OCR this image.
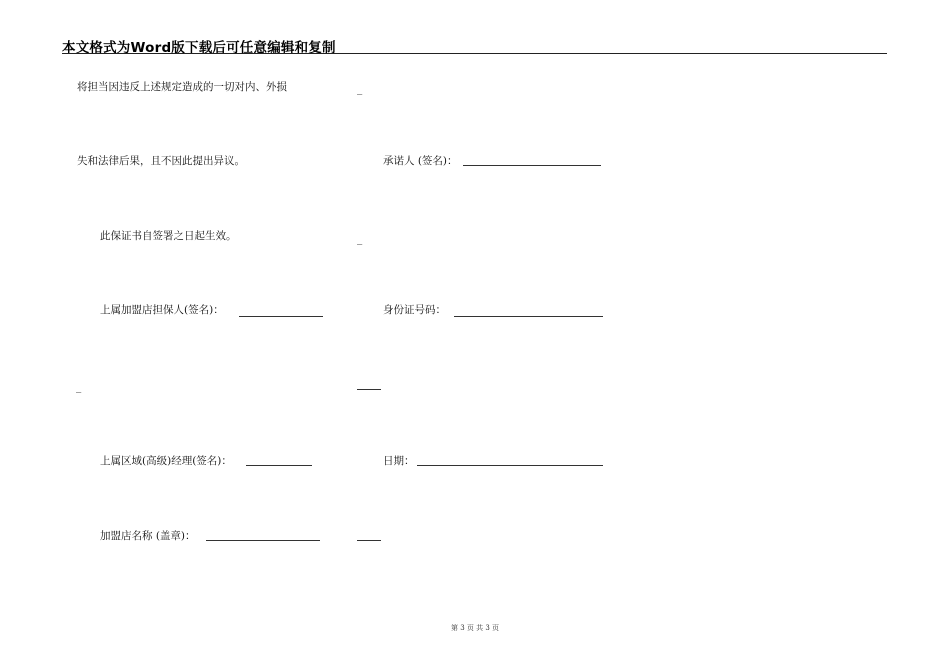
本文格式为Word版下载后可任意编辑和复制
将担当因违反上述规定造成的一切对内、外损
失和法律后果，且不因此提出异议。
此保证书自签署之日起生效。
上属加盟店担保人(签名)：
_
上属区域(高级)经理(签名)：
加盟店名称 (盖章)：
_
承诺人 (签名)：
_
身份证号码：
日期：
第 3 页 共 3 页
